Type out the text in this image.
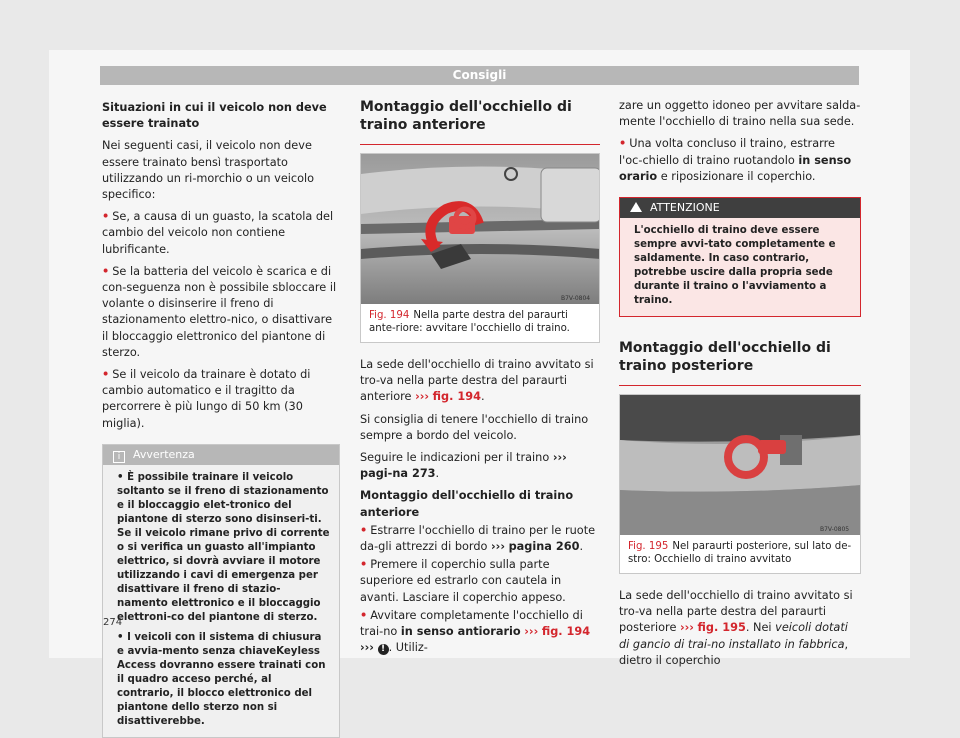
Consigli

Situazioni in cui il veicolo non deve essere trainato

Nei seguenti casi, il veicolo non deve essere trainato bensì trasportato utilizzando un ri-morchio o un veicolo specifico:

• Se, a causa di un guasto, la scatola del cambio del veicolo non contiene lubrificante.

• Se la batteria del veicolo è scarica e di con-seguenza non è possibile sbloccare il volante o disinserire il freno di stazionamento elettro-nico, o disattivare il bloccaggio elettronico del piantone di sterzo.

• Se il veicolo da trainare è dotato di cambio automatico e il tragitto da percorrere è più lungo di 50 km (30 miglia).

i Avvertenza

• È possibile trainare il veicolo soltanto se il freno di stazionamento e il bloccaggio elet-tronico del piantone di sterzo sono disinseri-ti. Se il veicolo rimane privo di corrente o si verifica un guasto all'impianto elettrico, si dovrà avviare il motore utilizzando i cavi di emergenza per disattivare il freno di stazio-namento elettronico e il bloccaggio elettroni-co del piantone di sterzo.

• I veicoli con il sistema di chiusura e avvia-mento senza chiaveKeyless Access dovranno essere trainati con il quadro acceso perché, al contrario, il blocco elettronico del piantone dello sterzo non si disattiverebbe.

Montaggio dell'occhiello di traino anteriore
B7V-0804
Fig. 194 Nella parte destra del paraurti ante-riore: avvitare l'occhiello di traino.

La sede dell'occhiello di traino avvitato si tro-va nella parte destra del paraurti anteriore ››› fig. 194.

Si consiglia di tenere l'occhiello di traino sempre a bordo del veicolo.

Seguire le indicazioni per il traino ››› pagi-na 273.

Montaggio dell'occhiello di traino anteriore

• Estrarre l'occhiello di traino per le ruote da-gli attrezzi di bordo ››› pagina 260.

• Premere il coperchio sulla parte superiore ed estrarlo con cautela in avanti. Lasciare il coperchio appeso.

• Avvitare completamente l'occhiello di trai-no in senso antiorario ››› fig. 194 ››› ! . Utiliz-

zare un oggetto idoneo per avvitare salda-mente l'occhiello di traino nella sua sede.

• Una volta concluso il traino, estrarre l'oc-chiello di traino ruotandolo in senso orario e riposizionare il coperchio.

ATTENZIONE
L'occhiello di traino deve essere sempre avvi-tato completamente e saldamente. In caso contrario, potrebbe uscire dalla propria sede durante il traino o l'avviamento a traino.
Montaggio dell'occhiello di traino posteriore
B7V-0805
Fig. 195 Nel paraurti posteriore, sul lato de-stro: Occhiello di traino avvitato

La sede dell'occhiello di traino avvitato si tro-va nella parte destra del paraurti posteriore ››› fig. 195. Nei veicoli dotati di gancio di trai-no installato in fabbrica, dietro il coperchio

274
